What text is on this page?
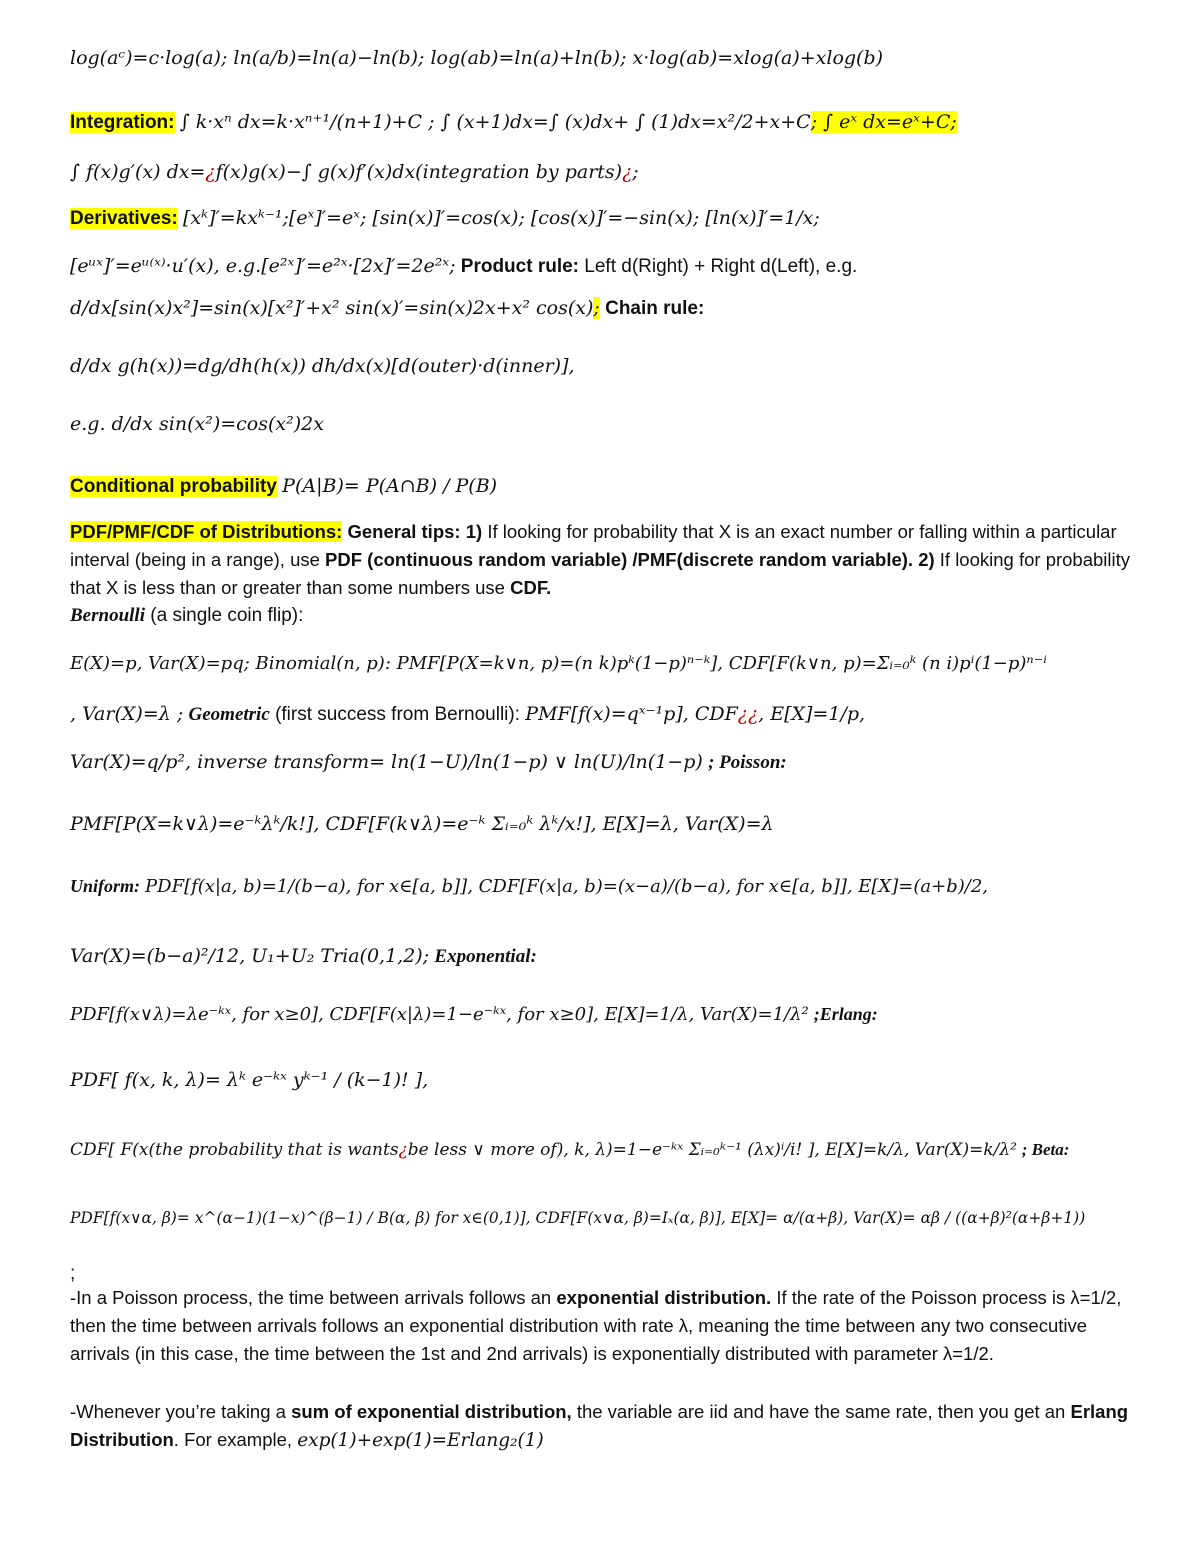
log(aᶜ)=c·log(a); ln(a/b)=ln(a)−ln(b); log(ab)=ln(a)+ln(b); x·log(ab)=xlog(a)+xlog(b)
Integration: ∫ k·xⁿ dx=k·xⁿ⁺¹/(n+1)+C ; ∫ (x+1)dx=∫ (x)dx+ ∫ (1)dx=x²/2+x+C; ∫ eˣ dx=eˣ+C;
∫ f(x)g′(x) dx=¿f(x)g(x)−∫ g(x)f′(x)dx(integration by parts)¿;
Derivatives: [xᵏ]′=kxᵏ⁻¹;[eˣ]′=eˣ; [sin(x)]′=cos(x); [cos(x)]′=−sin(x); [ln(x)]′=1/x;
[eᵘˣ]′=eᵘ⁽ˣ⁾·u′(x), e.g.[e²ˣ]′=e²ˣ·[2x]′=2e²ˣ; Product rule: Left d(Right) + Right d(Left), e.g.
d/dx[sin(x)x²]=sin(x)[x²]′+x² sin(x)′=sin(x)2x+x² cos(x); Chain rule:
d/dx g(h(x))=dg/dh(h(x)) dh/dx(x)[d(outer)·d(inner)],
e.g. d/dx sin(x²)=cos(x²)2x
Conditional probability P(A|B)= P(A∩B) / P(B)
PDF/PMF/CDF of Distributions: General tips: 1) If looking for probability that X is an exact number or falling within a particular interval (being in a range), use PDF (continuous random variable) /PMF(discrete random variable). 2) If looking for probability that X is less than or greater than some numbers use CDF.
Bernoulli (a single coin flip):
E(X)=p, Var(X)=pq; Binomial(n, p): PMF[P(X=k∨n, p)=(n k)pᵏ(1−p)ⁿ⁻ᵏ], CDF[F(k∨n, p)=Σᵢ₌₀ᵏ (n i)pⁱ(1−p)ⁿ⁻ⁱ
, Var(X)=λ ; Geometric (first success from Bernoulli): PMF[f(x)=qˣ⁻¹p], CDF¿¿, E[X]=1/p,
Var(X)=q/p², inverse transform= ln(1−U)/ln(1−p) ∨ ln(U)/ln(1−p) ; Poisson:
PMF[P(X=k∨λ)=e⁻ᵏλᵏ/k!], CDF[F(k∨λ)=e⁻ᵏ Σᵢ₌₀ᵏ λᵏ/x!], E[X]=λ, Var(X)=λ
Uniform: PDF[f(x|a, b)=1/(b−a), for x∈[a, b]], CDF[F(x|a, b)=(x−a)/(b−a), for x∈[a, b]], E[X]=(a+b)/2,
Var(X)=(b−a)²/12, U₁+U₂ Tria(0,1,2); Exponential:
PDF[f(x∨λ)=λe⁻ᵏˣ, for x≥0], CDF[F(x|λ)=1−e⁻ᵏˣ, for x≥0], E[X]=1/λ, Var(X)=1/λ² ;Erlang:
PDF[ f(x, k, λ)= λᵏ e⁻ᵏˣ yᵏ⁻¹ / (k−1)! ],
CDF[ F(x(the probability that is wants¿be less ∨ more of), k, λ)=1−e⁻ᵏˣ Σᵢ₌₀ᵏ⁻¹ (λx)ⁱ/i! ], E[X]=k/λ, Var(X)=k/λ² ; Beta:
PDF[f(x∨α, β)= x^(α−1)(1−x)^(β−1) / B(α, β) for x∈(0,1)], CDF[F(x∨α, β)=Iₓ(α, β)], E[X]= α/(α+β), Var(X)= αβ / ((α+β)²(α+β+1))
;
-In a Poisson process, the time between arrivals follows an exponential distribution. If the rate of the Poisson process is λ=1/2, then the time between arrivals follows an exponential distribution with rate λ, meaning the time between any two consecutive arrivals (in this case, the time between the 1st and 2nd arrivals) is exponentially distributed with parameter λ=1/2.
-Whenever you’re taking a sum of exponential distribution, the variable are iid and have the same rate, then you get an Erlang Distribution. For example, exp(1)+exp(1)=Erlang₂(1)
